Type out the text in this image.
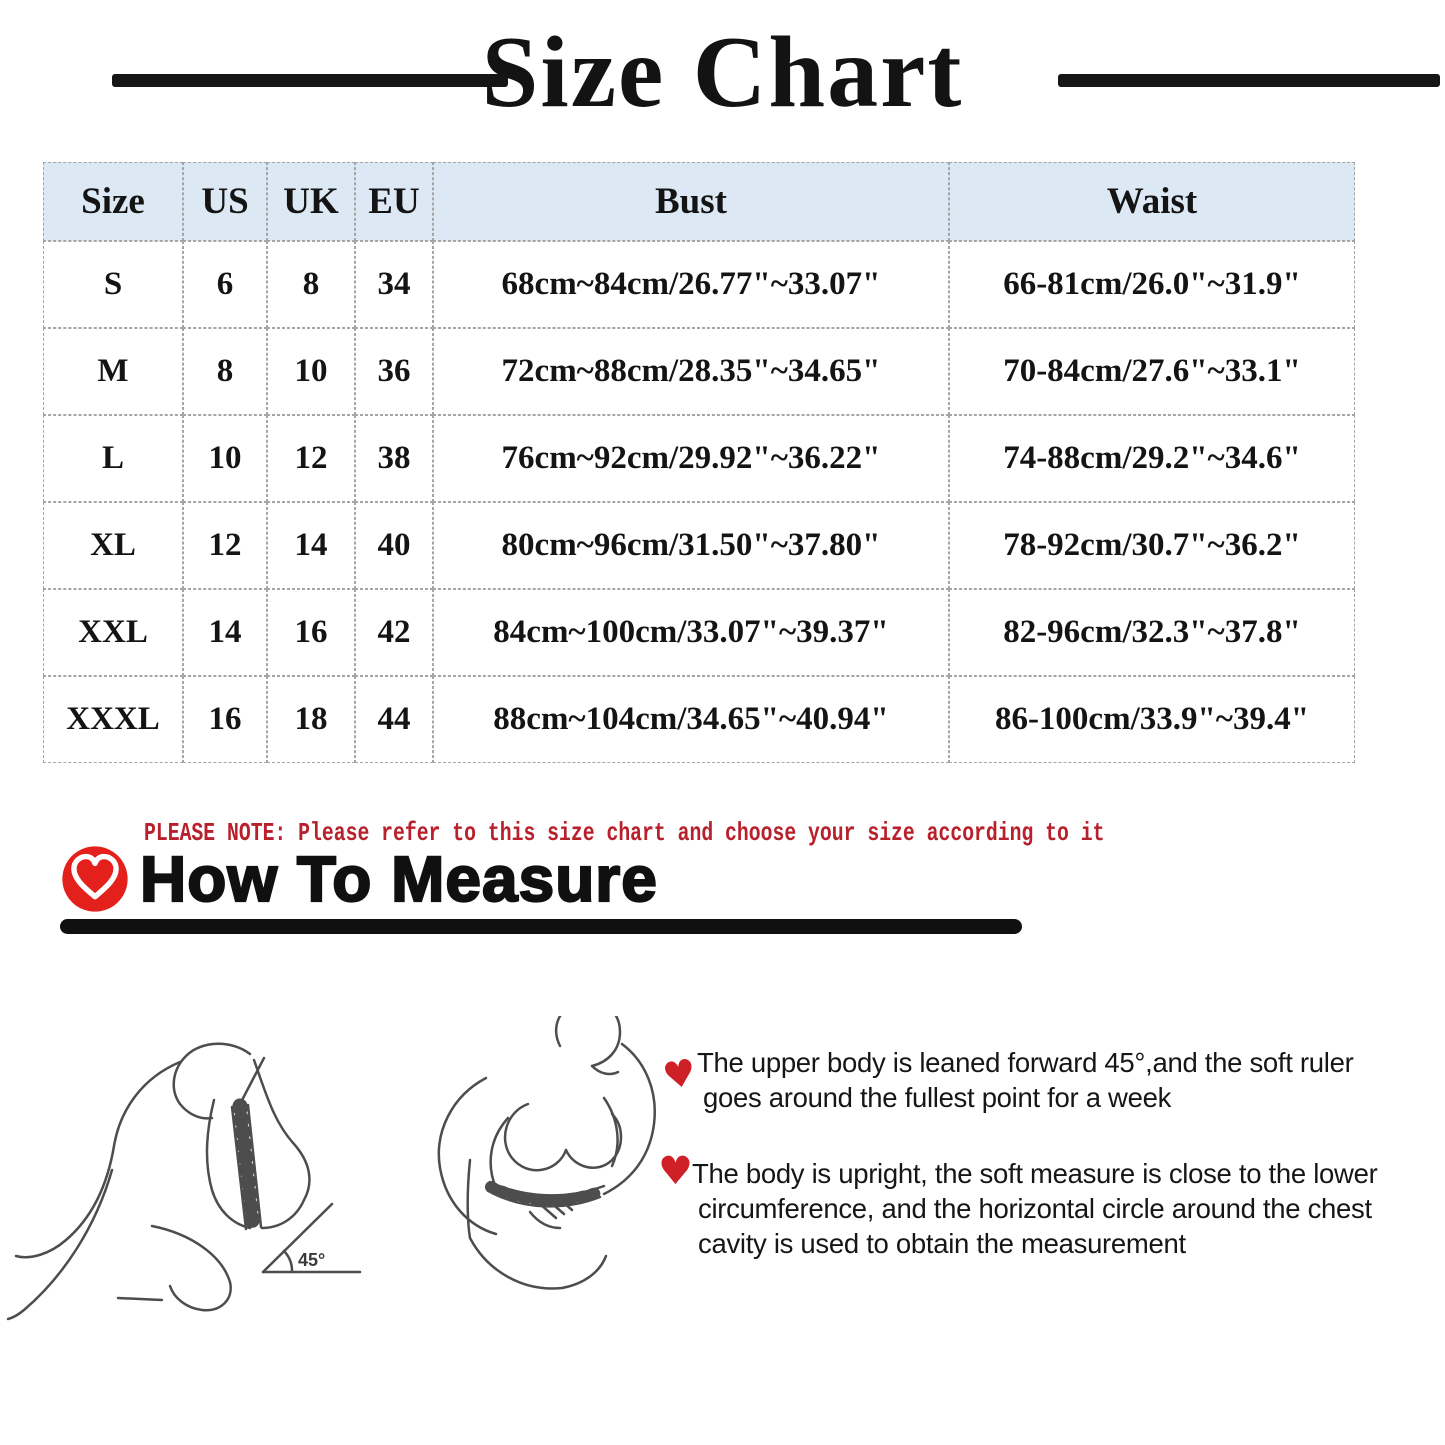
Size Chart
Size	US	UK	EU	Bust	Waist
S	6	8	34	68cm~84cm/26.77"~33.07"	66-81cm/26.0"~31.9"
M	8	10	36	72cm~88cm/28.35"~34.65"	70-84cm/27.6"~33.1"
L	10	12	38	76cm~92cm/29.92"~36.22"	74-88cm/29.2"~34.6"
XL	12	14	40	80cm~96cm/31.50"~37.80"	78-92cm/30.7"~36.2"
XXL	14	16	42	84cm~100cm/33.07"~39.37"	82-96cm/32.3"~37.8"
XXXL	16	18	44	88cm~104cm/34.65"~40.94"	86-100cm/33.9"~39.4"
PLEASE NOTE: Please refer to this size chart and choose your size according to it
How To Measure
45°
♥
The upper body is leaned forward 45°,and the soft ruler
goes around the fullest point for a week
♥ The body is upright, the soft measure is close to the lower
circumference, and the horizontal circle around the chest
cavity is used to obtain the measurement
